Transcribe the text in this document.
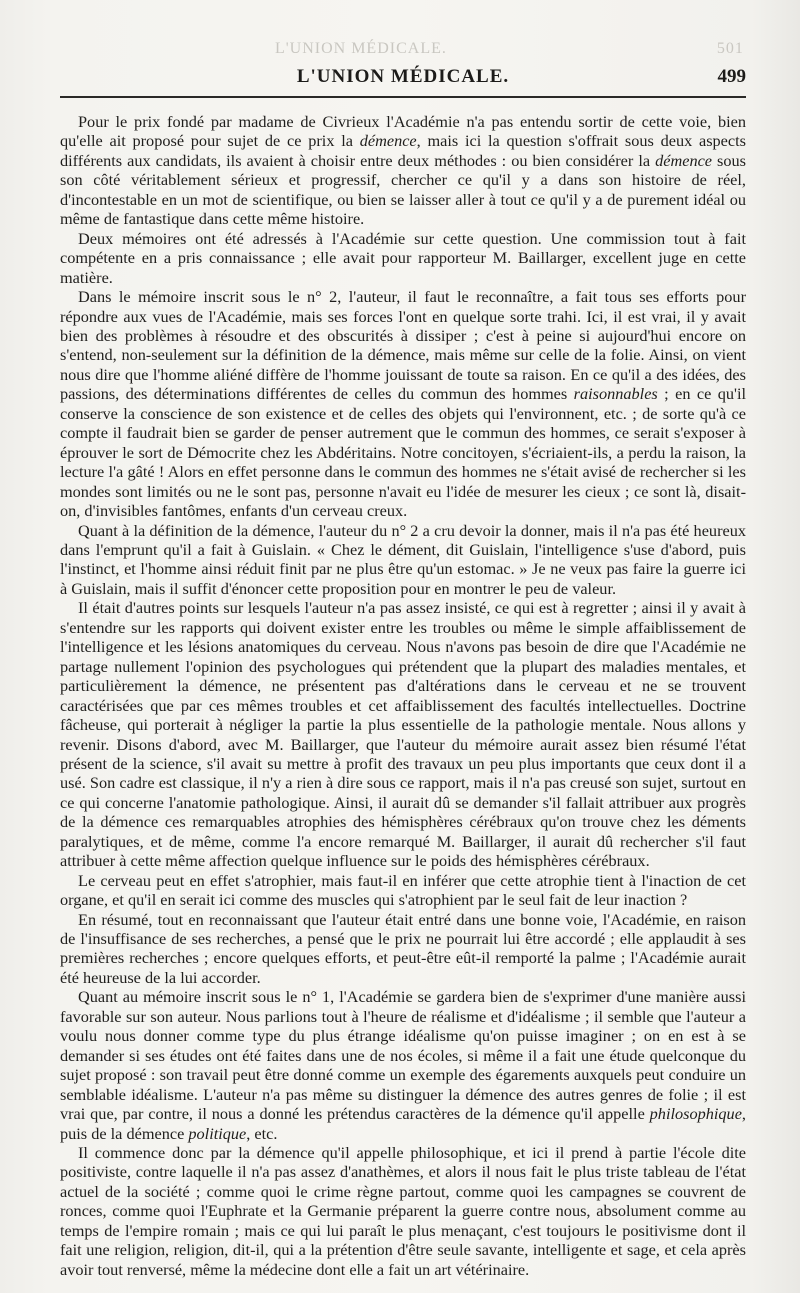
L'UNION MÉDICALE.	501
L'UNION MÉDICALE.	499

Pour le prix fondé par madame de Civrieux l'Académie n'a pas entendu sortir de cette voie, bien qu'elle ait proposé pour sujet de ce prix la démence, mais ici la question s'offrait sous deux aspects différents aux candidats, ils avaient à choisir entre deux méthodes : ou bien considérer la démence sous son côté véritablement sérieux et progressif, chercher ce qu'il y a dans son histoire de réel, d'incontestable en un mot de scientifique, ou bien se laisser aller à tout ce qu'il y a de purement idéal ou même de fantastique dans cette même histoire.

Deux mémoires ont été adressés à l'Académie sur cette question. Une commission tout à fait compétente en a pris connaissance ; elle avait pour rapporteur M. Baillarger, excellent juge en cette matière.

Dans le mémoire inscrit sous le n° 2, l'auteur, il faut le reconnaître, a fait tous ses efforts pour répondre aux vues de l'Académie, mais ses forces l'ont en quelque sorte trahi. Ici, il est vrai, il y avait bien des problèmes à résoudre et des obscurités à dissiper ; c'est à peine si aujourd'hui encore on s'entend, non-seulement sur la définition de la démence, mais même sur celle de la folie. Ainsi, on vient nous dire que l'homme aliéné diffère de l'homme jouissant de toute sa raison. En ce qu'il a des idées, des passions, des déterminations différentes de celles du commun des hommes raisonnables ; en ce qu'il conserve la conscience de son existence et de celles des objets qui l'environnent, etc. ; de sorte qu'à ce compte il faudrait bien se garder de penser autrement que le commun des hommes, ce serait s'exposer à éprouver le sort de Démocrite chez les Abdéritains. Notre concitoyen, s'écriaient-ils, a perdu la raison, la lecture l'a gâté ! Alors en effet personne dans le commun des hommes ne s'était avisé de rechercher si les mondes sont limités ou ne le sont pas, personne n'avait eu l'idée de mesurer les cieux ; ce sont là, disait-on, d'invisibles fantômes, enfants d'un cerveau creux.

Quant à la définition de la démence, l'auteur du n° 2 a cru devoir la donner, mais il n'a pas été heureux dans l'emprunt qu'il a fait à Guislain. « Chez le dément, dit Guislain, l'intelligence s'use d'abord, puis l'instinct, et l'homme ainsi réduit finit par ne plus être qu'un estomac. » Je ne veux pas faire la guerre ici à Guislain, mais il suffit d'énoncer cette proposition pour en montrer le peu de valeur.

Il était d'autres points sur lesquels l'auteur n'a pas assez insisté, ce qui est à regretter ; ainsi il y avait à s'entendre sur les rapports qui doivent exister entre les troubles ou même le simple affaiblissement de l'intelligence et les lésions anatomiques du cerveau. Nous n'avons pas besoin de dire que l'Académie ne partage nullement l'opinion des psychologues qui prétendent que la plupart des maladies mentales, et particulièrement la démence, ne présentent pas d'altérations dans le cerveau et ne se trouvent caractérisées que par ces mêmes troubles et cet affaiblissement des facultés intellectuelles. Doctrine fâcheuse, qui porterait à négliger la partie la plus essentielle de la pathologie mentale. Nous allons y revenir. Disons d'abord, avec M. Baillarger, que l'auteur du mémoire aurait assez bien résumé l'état présent de la science, s'il avait su mettre à profit des travaux un peu plus importants que ceux dont il a usé. Son cadre est classique, il n'y a rien à dire sous ce rapport, mais il n'a pas creusé son sujet, surtout en ce qui concerne l'anatomie pathologique. Ainsi, il aurait dû se demander s'il fallait attribuer aux progrès de la démence ces remarquables atrophies des hémisphères cérébraux qu'on trouve chez les déments paralytiques, et de même, comme l'a encore remarqué M. Baillarger, il aurait dû rechercher s'il faut attribuer à cette même affection quelque influence sur le poids des hémisphères cérébraux.

Le cerveau peut en effet s'atrophier, mais faut-il en inférer que cette atrophie tient à l'inaction de cet organe, et qu'il en serait ici comme des muscles qui s'atrophient par le seul fait de leur inaction ?

En résumé, tout en reconnaissant que l'auteur était entré dans une bonne voie, l'Académie, en raison de l'insuffisance de ses recherches, a pensé que le prix ne pourrait lui être accordé ; elle applaudit à ses premières recherches ; encore quelques efforts, et peut-être eût-il remporté la palme ; l'Académie aurait été heureuse de la lui accorder.

Quant au mémoire inscrit sous le n° 1, l'Académie se gardera bien de s'exprimer d'une manière aussi favorable sur son auteur. Nous parlions tout à l'heure de réalisme et d'idéalisme ; il semble que l'auteur a voulu nous donner comme type du plus étrange idéalisme qu'on puisse imaginer ; on en est à se demander si ses études ont été faites dans une de nos écoles, si même il a fait une étude quelconque du sujet proposé : son travail peut être donné comme un exemple des égarements auxquels peut conduire un semblable idéalisme. L'auteur n'a pas même su distinguer la démence des autres genres de folie ; il est vrai que, par contre, il nous a donné les prétendus caractères de la démence qu'il appelle philosophique, puis de la démence politique, etc.

Il commence donc par la démence qu'il appelle philosophique, et ici il prend à partie l'école dite positiviste, contre laquelle il n'a pas assez d'anathèmes, et alors il nous fait le plus triste tableau de l'état actuel de la société ; comme quoi le crime règne partout, comme quoi les campagnes se couvrent de ronces, comme quoi l'Euphrate et la Germanie préparent la guerre contre nous, absolument comme au temps de l'empire romain ; mais ce qui lui paraît le plus menaçant, c'est toujours le positivisme dont il fait une religion, religion, dit-il, qui a la prétention d'être seule savante, intelligente et sage, et cela après avoir tout renversé, même la médecine dont elle a fait un art vétérinaire.
